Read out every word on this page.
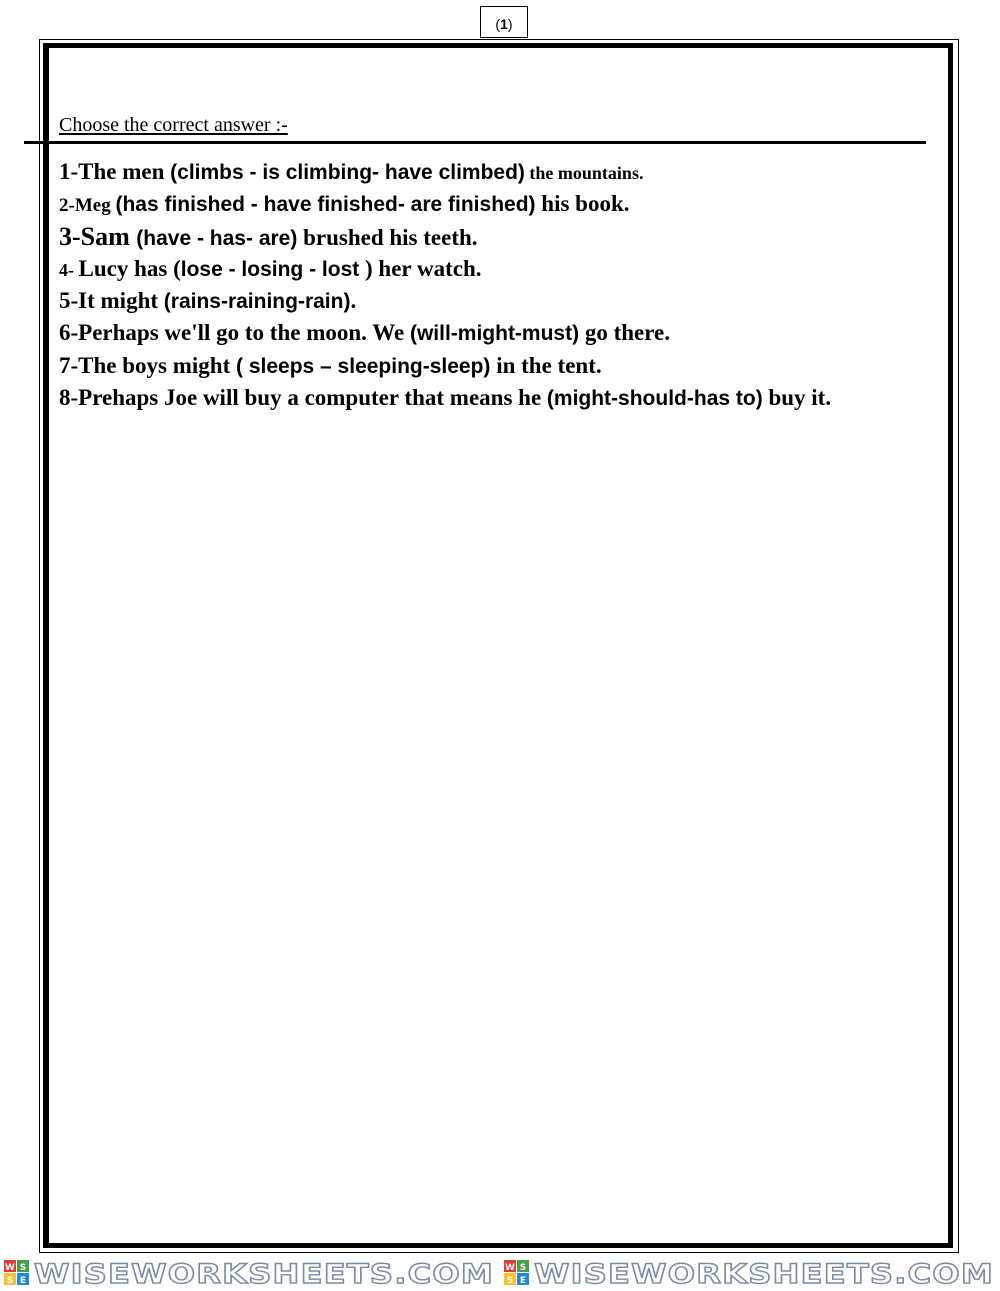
(1)
Choose the correct answer :-
1-The men (climbs - is climbing- have climbed) the mountains.
2-Meg (has finished - have finished- are finished) his book.
3-Sam (have - has- are) brushed his teeth.
4- Lucy has (lose - losing - lost ) her watch.
5-It might (rains-raining-rain).
6-Perhaps we'll go to the moon. We (will-might-must) go there.
7-The boys might ( sleeps – sleeping-sleep) in the tent.
8-Prehaps Joe will buy a computer that means he (might-should-has to) buy it.
W S
S E WISEWORKSHEETS.COM W S
S E WISEWORKSHEETS.COM
